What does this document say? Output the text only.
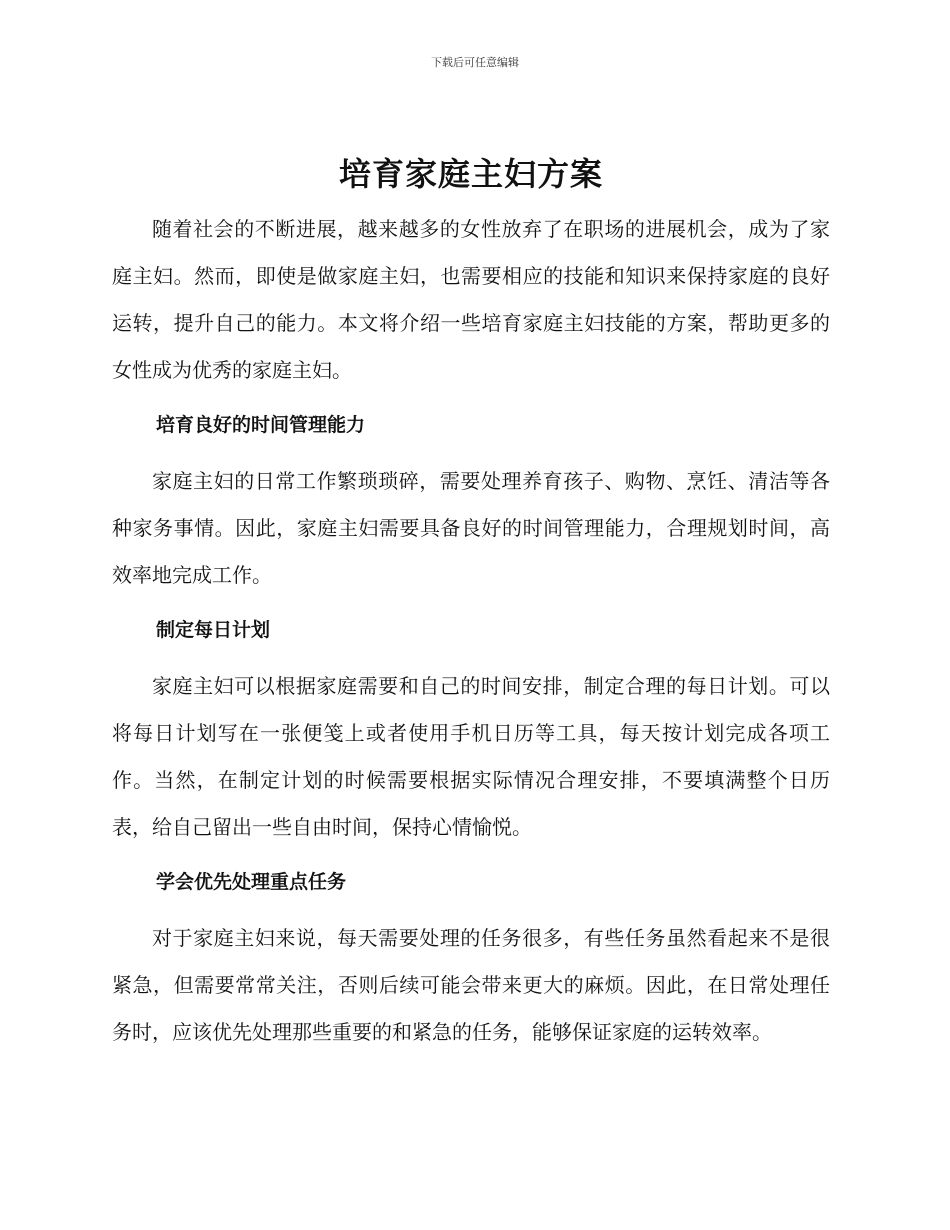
下载后可任意编辑
培育家庭主妇方案

随着社会的不断进展，越来越多的女性放弃了在职场的进展机会，成为了家庭主妇。然而，即使是做家庭主妇，也需要相应的技能和知识来保持家庭的良好运转，提升自己的能力。本文将介绍一些培育家庭主妇技能的方案，帮助更多的女性成为优秀的家庭主妇。

培育良好的时间管理能力

家庭主妇的日常工作繁琐琐碎，需要处理养育孩子、购物、烹饪、清洁等各种家务事情。因此，家庭主妇需要具备良好的时间管理能力，合理规划时间，高效率地完成工作。

制定每日计划

家庭主妇可以根据家庭需要和自己的时间安排，制定合理的每日计划。可以将每日计划写在一张便笺上或者使用手机日历等工具，每天按计划完成各项工作。当然，在制定计划的时候需要根据实际情况合理安排，不要填满整个日历表，给自己留出一些自由时间，保持心情愉悦。

学会优先处理重点任务

对于家庭主妇来说，每天需要处理的任务很多，有些任务虽然看起来不是很紧急，但需要常常关注，否则后续可能会带来更大的麻烦。因此，在日常处理任务时，应该优先处理那些重要的和紧急的任务，能够保证家庭的运转效率。
